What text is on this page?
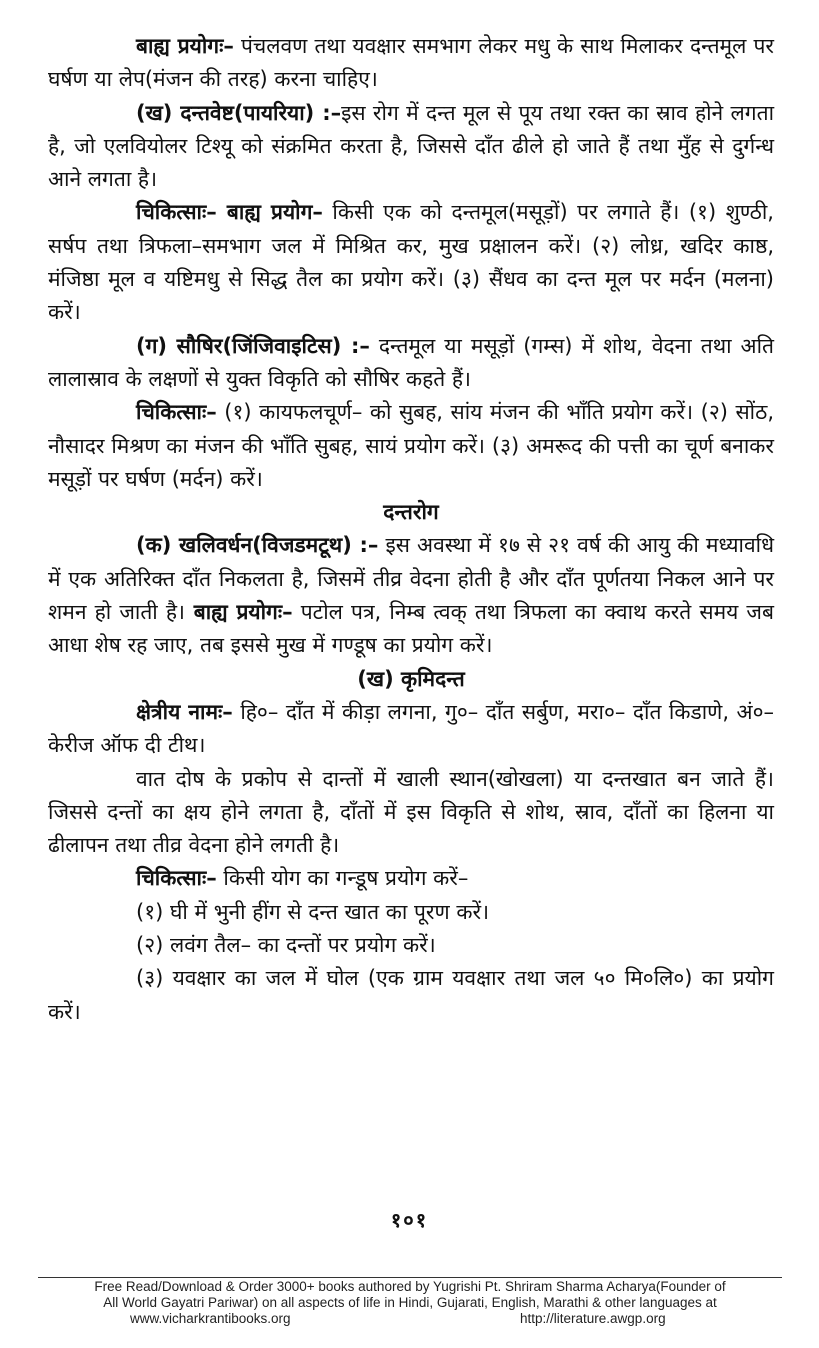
बाह्य प्रयोगः– पंचलवण तथा यवक्षार समभाग लेकर मधु के साथ मिलाकर दन्तमूल पर घर्षण या लेप(मंजन की तरह) करना चाहिए।

(ख) दन्तवेष्ट(पायरिया) :–इस रोग में दन्त मूल से पूय तथा रक्त का स्राव होने लगता है, जो एलवियोलर टिश्यू को संक्रमित करता है, जिससे दाँत ढीले हो जाते हैं तथा मुँह से दुर्गन्ध आने लगता है।

चिकित्साः– बाह्य प्रयोग– किसी एक को दन्तमूल(मसूड़ों) पर लगाते हैं। (१) शुण्ठी, सर्षप तथा त्रिफला–समभाग जल में मिश्रित कर, मुख प्रक्षालन करें। (२) लोध्र, खदिर काष्ठ, मंजिष्ठा मूल व यष्टिमधु से सिद्ध तैल का प्रयोग करें। (३) सैंधव का दन्त मूल पर मर्दन (मलना) करें।

(ग) सौषिर(जिंजिवाइटिस) :– दन्तमूल या मसूड़ों (गम्स) में शोथ, वेदना तथा अति लालास्राव के लक्षणों से युक्त विकृति को सौषिर कहते हैं।

चिकित्साः– (१) कायफलचूर्ण– को सुबह, सांय मंजन की भाँति प्रयोग करें। (२) सोंठ, नौसादर मिश्रण का मंजन की भाँति सुबह, सायं प्रयोग करें। (३) अमरूद की पत्ती का चूर्ण बनाकर मसूड़ों पर घर्षण (मर्दन) करें।

दन्तरोग

(क) खलिवर्धन(विजडमटूथ) :– इस अवस्था में १७ से २१ वर्ष की आयु की मध्यावधि में एक अतिरिक्त दाँत निकलता है, जिसमें तीव्र वेदना होती है और दाँत पूर्णतया निकल आने पर शमन हो जाती है। बाह्य प्रयोगः– पटोल पत्र, निम्ब त्वक् तथा त्रिफला का क्वाथ करते समय जब आधा शेष रह जाए, तब इससे मुख में गण्डूष का प्रयोग करें।

(ख) कृमिदन्त

क्षेत्रीय नामः– हि०– दाँत में कीड़ा लगना, गु०– दाँत सर्बुण, मरा०– दाँत किडाणे, अं०– केरीज ऑफ दी टीथ।

वात दोष के प्रकोप से दान्तों में खाली स्थान(खोखला) या दन्तखात बन जाते हैं। जिससे दन्तों का क्षय होने लगता है, दाँतों में इस विकृति से शोथ, स्राव, दाँतों का हिलना या ढीलापन तथा तीव्र वेदना होने लगती है।

चिकित्साः– किसी योग का गन्डूष प्रयोग करें–

(१) घी में भुनी हींग से दन्त खात का पूरण करें।

(२) लवंग तैल– का दन्तों पर प्रयोग करें।

(३) यवक्षार का जल में घोल (एक ग्राम यवक्षार तथा जल ५० मि०लि०) का प्रयोग करें।

१०१
Free Read/Download & Order 3000+ books authored by Yugrishi Pt. Shriram Sharma Acharya(Founder of
All World Gayatri Pariwar) on all aspects of life in Hindi, Gujarati, English, Marathi & other languages at
www.vicharkrantibooks.org	http://literature.awgp.org
